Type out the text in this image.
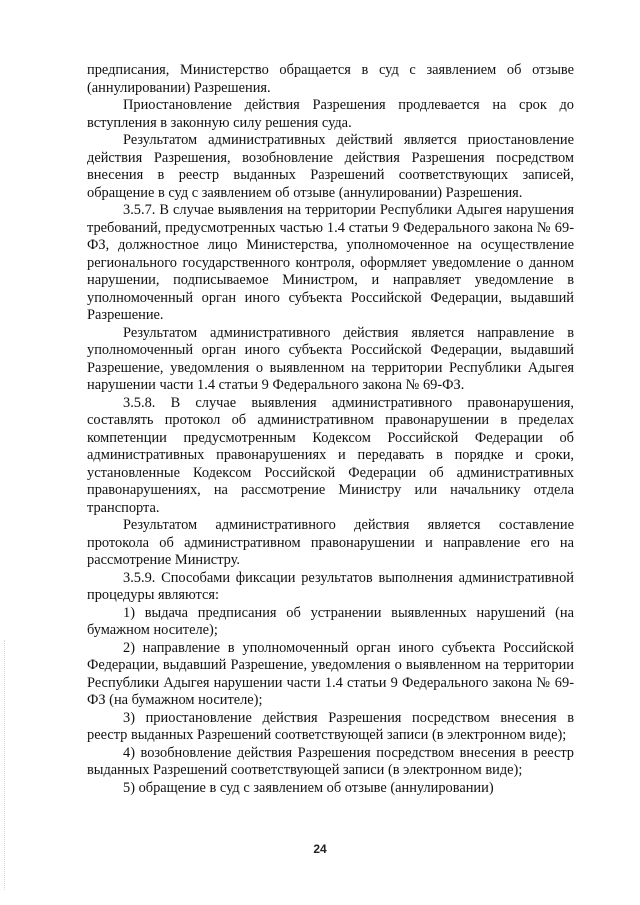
предписания, Министерство обращается в суд с заявлением об отзыве (аннулировании) Разрешения.

Приостановление действия Разрешения продлевается на срок до вступления в законную силу решения суда.

Результатом административных действий является приостановление действия Разрешения, возобновление действия Разрешения посредством внесения в реестр выданных Разрешений соответствующих записей, обращение в суд с заявлением об отзыве (аннулировании) Разрешения.

3.5.7. В случае выявления на территории Республики Адыгея нарушения требований, предусмотренных частью 1.4 статьи 9 Федерального закона № 69-ФЗ, должностное лицо Министерства, уполномоченное на осуществление регионального государственного контроля, оформляет уведомление о данном нарушении, подписываемое Министром, и направляет уведомление в уполномоченный орган иного субъекта Российской Федерации, выдавший Разрешение.

Результатом административного действия является направление в уполномоченный орган иного субъекта Российской Федерации, выдавший Разрешение, уведомления о выявленном на территории Республики Адыгея нарушении части 1.4 статьи 9 Федерального закона № 69-ФЗ.

3.5.8. В случае выявления административного правонарушения, составлять протокол об административном правонарушении в пределах компетенции предусмотренным Кодексом Российской Федерации об административных правонарушениях и передавать в порядке и сроки, установленные Кодексом Российской Федерации об административных правонарушениях, на рассмотрение Министру или начальнику отдела транспорта.

Результатом административного действия является составление протокола об административном правонарушении и направление его на рассмотрение Министру.

3.5.9. Способами фиксации результатов выполнения административной процедуры являются:

1) выдача предписания об устранении выявленных нарушений (на бумажном носителе);

2) направление в уполномоченный орган иного субъекта Российской Федерации, выдавший Разрешение, уведомления о выявленном на территории Республики Адыгея нарушении части 1.4 статьи 9 Федерального закона № 69-ФЗ (на бумажном носителе);

3) приостановление действия Разрешения посредством внесения в реестр выданных Разрешений соответствующей записи (в электронном виде);

4) возобновление действия Разрешения посредством внесения в реестр выданных Разрешений соответствующей записи (в электронном виде);

5) обращение в суд с заявлением об отзыве (аннулировании)

24
